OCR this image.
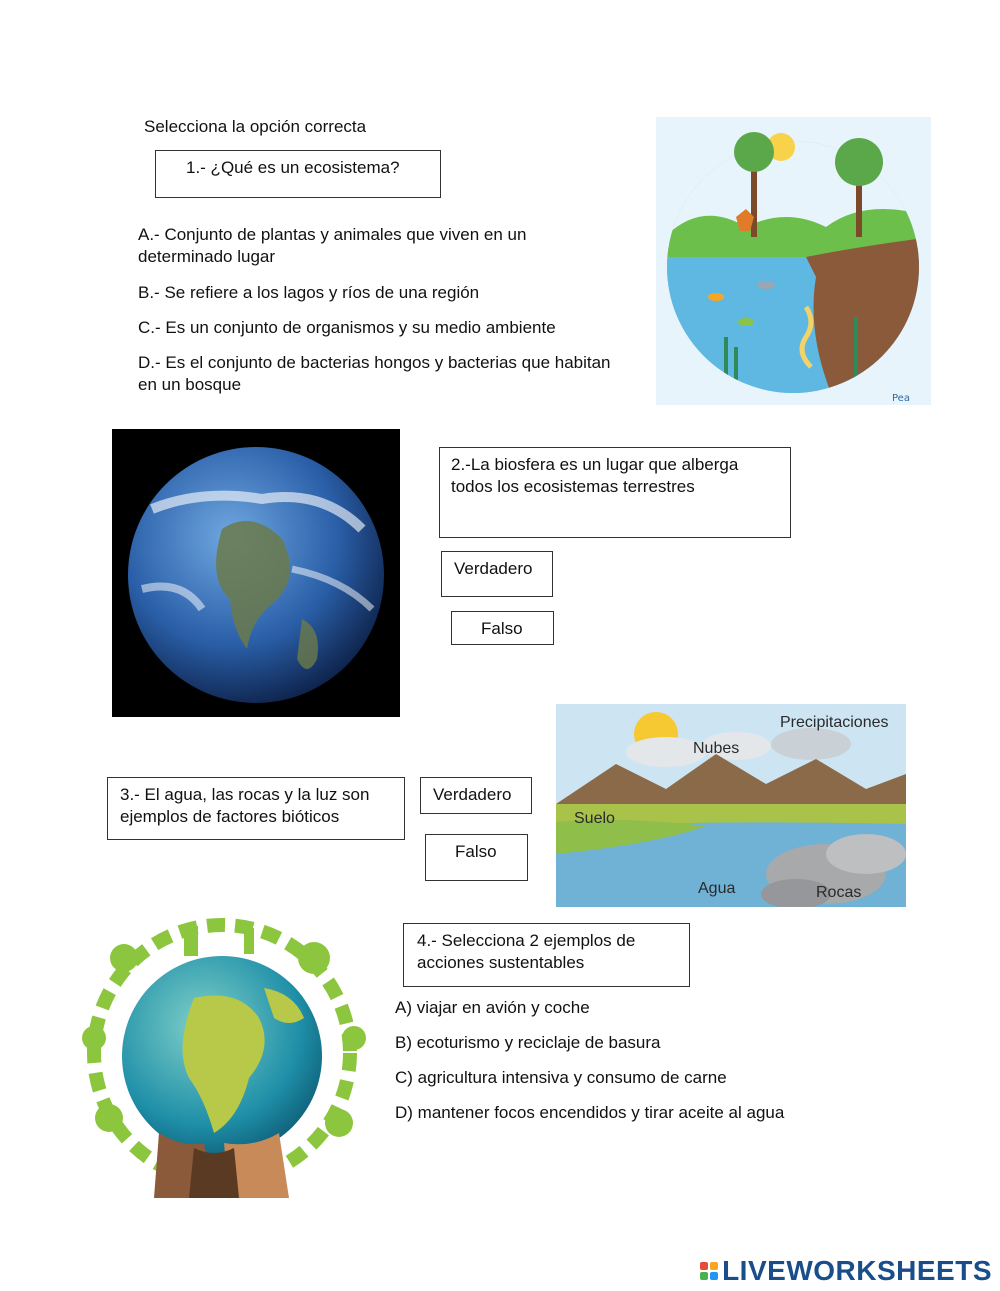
Selecciona la opción correcta
1.- ¿Qué es un ecosistema?
A.- Conjunto de plantas y animales que viven en un
determinado lugar
B.- Se refiere a los lagos y ríos de una región
C.- Es un conjunto de organismos y su medio ambiente
D.- Es el conjunto de bacterias hongos y bacterias que habitan
en un bosque
Pea
2.-La biosfera es un lugar que alberga
todos los ecosistemas terrestres
Verdadero
Falso
3.- El agua, las rocas y la luz son
ejemplos de factores bióticos
Verdadero
Falso
Precipitaciones
Nubes
Suelo
Agua	Rocas
4.- Selecciona 2 ejemplos de
acciones sustentables
A) viajar en avión y coche
B) ecoturismo y reciclaje de basura
C) agricultura intensiva y consumo de carne
D) mantener focos encendidos y tirar aceite al agua
LIVEWORKSHEETS
